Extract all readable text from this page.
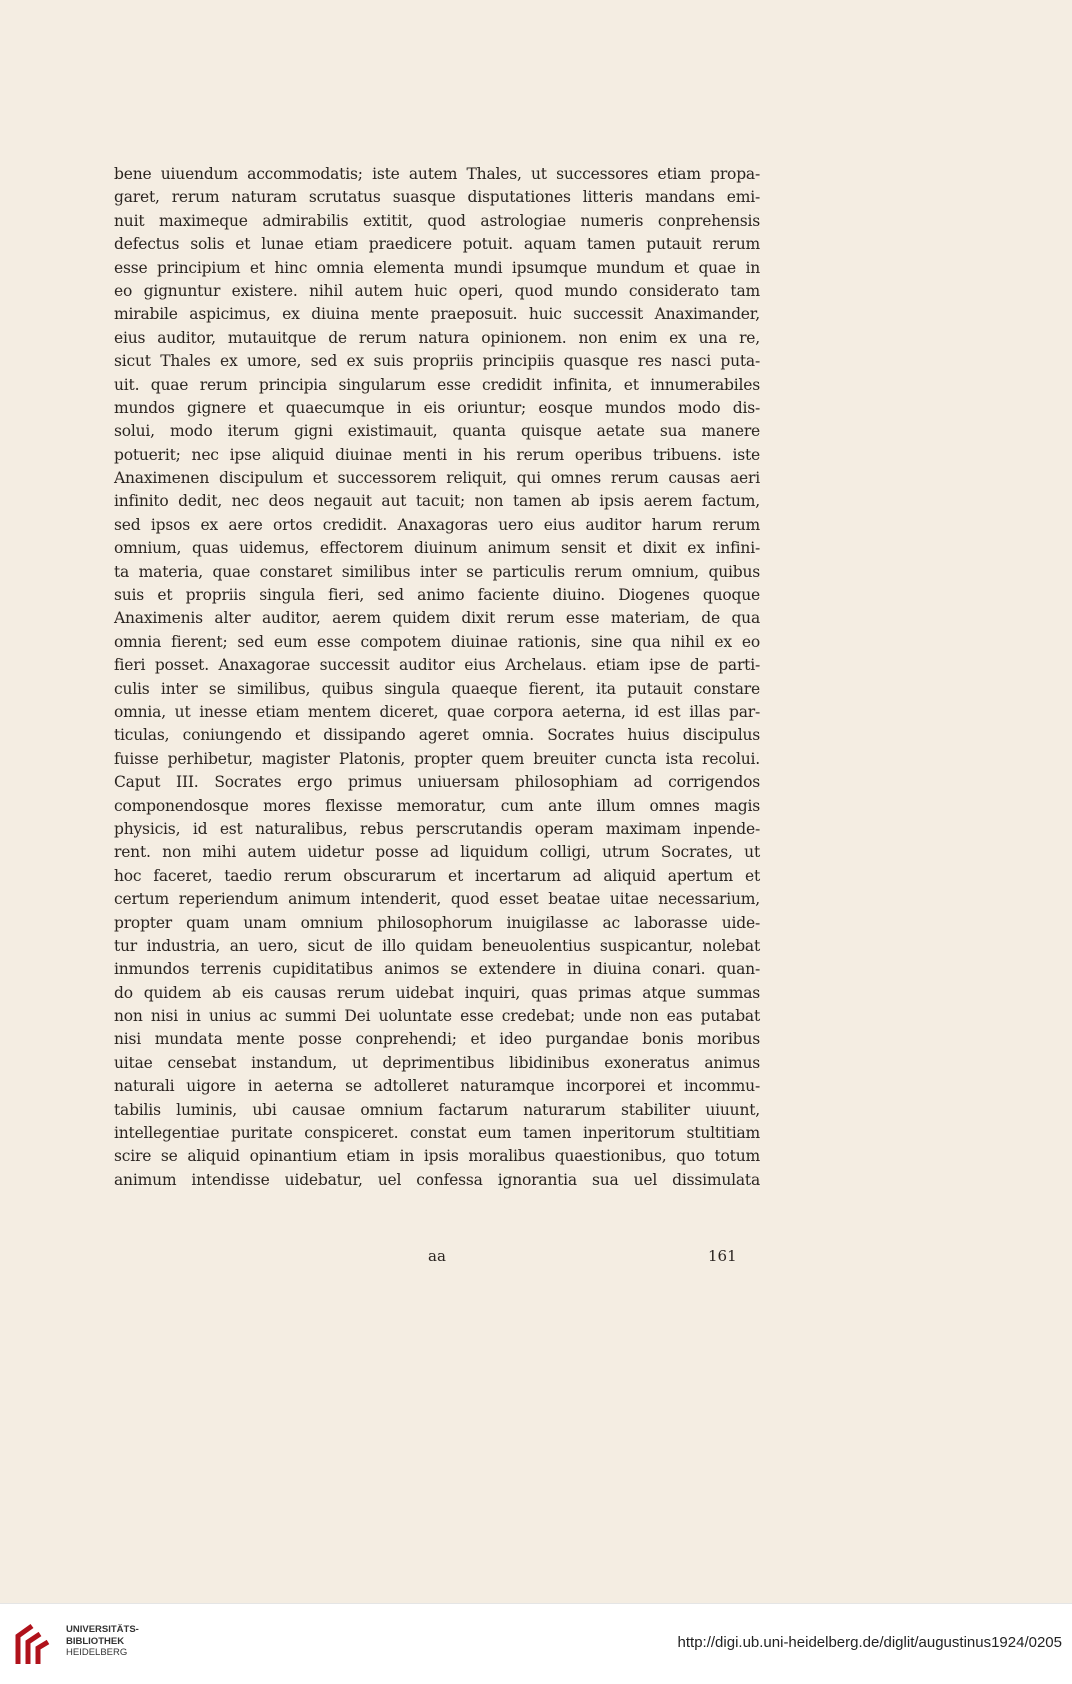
bene uiuendum accommodatis; iste autem Thales, ut successores etiam propa-
garet, rerum naturam scrutatus suasque disputationes litteris mandans emi-
nuit maximeque admirabilis extitit, quod astrologiae numeris conprehensis
defectus solis et lunae etiam praedicere potuit. aquam tamen putauit rerum
esse principium et hinc omnia elementa mundi ipsumque mundum et quae in
eo gignuntur existere. nihil autem huic operi, quod mundo considerato tam
mirabile aspicimus, ex diuina mente praeposuit. huic successit Anaximander,
eius auditor, mutauitque de rerum natura opinionem. non enim ex una re,
sicut Thales ex umore, sed ex suis propriis principiis quasque res nasci puta-
uit. quae rerum principia singularum esse credidit infinita, et innumerabiles
mundos gignere et quaecumque in eis oriuntur; eosque mundos modo dis-
solui, modo iterum gigni existimauit, quanta quisque aetate sua manere
potuerit; nec ipse aliquid diuinae menti in his rerum operibus tribuens. iste
Anaximenen discipulum et successorem reliquit, qui omnes rerum causas aeri
infinito dedit, nec deos negauit aut tacuit; non tamen ab ipsis aerem factum,
sed ipsos ex aere ortos credidit. Anaxagoras uero eius auditor harum rerum
omnium, quas uidemus, effectorem diuinum animum sensit et dixit ex infini-
ta materia, quae constaret similibus inter se particulis rerum omnium, quibus
suis et propriis singula fieri, sed animo faciente diuino. Diogenes quoque
Anaximenis alter auditor, aerem quidem dixit rerum esse materiam, de qua
omnia fierent; sed eum esse compotem diuinae rationis, sine qua nihil ex eo
fieri posset. Anaxagorae successit auditor eius Archelaus. etiam ipse de parti-
culis inter se similibus, quibus singula quaeque fierent, ita putauit constare
omnia, ut inesse etiam mentem diceret, quae corpora aeterna, id est illas par-
ticulas, coniungendo et dissipando ageret omnia. Socrates huius discipulus
fuisse perhibetur, magister Platonis, propter quem breuiter cuncta ista recolui.
Caput III. Socrates ergo primus uniuersam philosophiam ad corrigendos
componendosque mores flexisse memoratur, cum ante illum omnes magis
physicis, id est naturalibus, rebus perscrutandis operam maximam inpende-
rent. non mihi autem uidetur posse ad liquidum colligi, utrum Socrates, ut
hoc faceret, taedio rerum obscurarum et incertarum ad aliquid apertum et
certum reperiendum animum intenderit, quod esset beatae uitae necessarium,
propter quam unam omnium philosophorum inuigilasse ac laborasse uide-
tur industria, an uero, sicut de illo quidam beneuolentius suspicantur, nolebat
inmundos terrenis cupiditatibus animos se extendere in diuina conari. quan-
do quidem ab eis causas rerum uidebat inquiri, quas primas atque summas
non nisi in unius ac summi Dei uoluntate esse credebat; unde non eas putabat
nisi mundata mente posse conprehendi; et ideo purgandae bonis moribus
uitae censebat instandum, ut deprimentibus libidinibus exoneratus animus
naturali uigore in aeterna se adtolleret naturamque incorporei et incommu-
tabilis luminis, ubi causae omnium factarum naturarum stabiliter uiuunt,
intellegentiae puritate conspiceret. constat eum tamen inperitorum stultitiam
scire se aliquid opinantium etiam in ipsis moralibus quaestionibus, quo totum
animum intendisse uidebatur, uel confessa ignorantia sua uel dissimulata
aa	161
UNIVERSITÄTS-
BIBLIOTHEK
HEIDELBERG
http://digi.ub.uni-heidelberg.de/diglit/augustinus1924/0205
